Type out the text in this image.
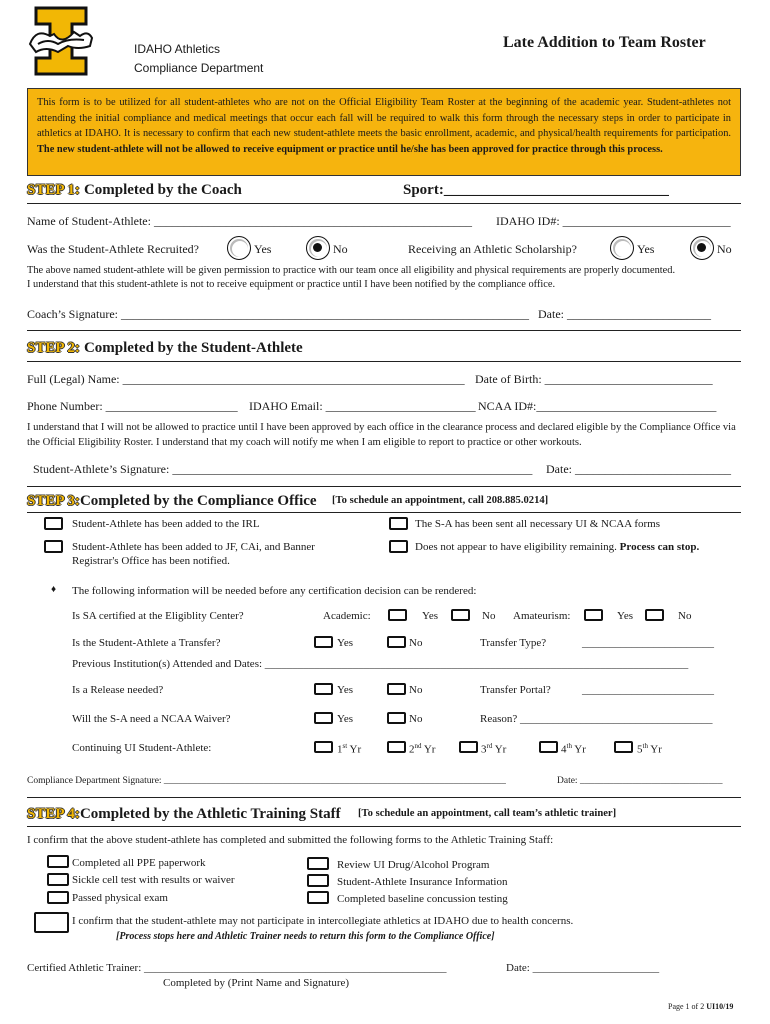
IDAHO Athletics
Compliance Department
Late Addition to Team Roster
This form is to be utilized for all student-athletes who are not on the Official Eligibility Team Roster at the beginning of the academic year. Student-athletes not attending the initial compliance and medical meetings that occur each fall will be required to walk this form through the necessary steps in order to participate in athletics at IDAHO. It is necessary to confirm that each new student-athlete meets the basic enrollment, academic, and physical/health requirements for participation. The new student-athlete will not be allowed to receive equipment or practice until he/she has been approved for practice through this process.
STEP 1: Completed by the Coach	Sport:______________________________
Name of Student-Athlete: _____________________________________________________ IDAHO ID#: ____________________________
Was the Student-Athlete Recruited?	Yes	No	Receiving an Athletic Scholarship?	Yes	No
The above named student-athlete will be given permission to practice with our team once all eligibility and physical requirements are properly documented.
I understand that this student-athlete is not to receive equipment or practice until I have been notified by the compliance office.
Coach’s Signature: ____________________________________________________________________ Date: ________________________
STEP 2: Completed by the Student-Athlete
Full (Legal) Name: _________________________________________________________ Date of Birth: ____________________________
Phone Number: ______________________ IDAHO Email: _________________________ NCAA ID#:______________________________
I understand that I will not be allowed to practice until I have been approved by each office in the clearance process and declared eligible by the Compliance Office via the Official Eligibility Roster. I understand that my coach will notify me when I am eligible to report to practice or other workouts.
Student-Athlete’s Signature: ____________________________________________________________ Date: __________________________
STEP 3:Completed by the Compliance Office [To schedule an appointment, call 208.885.0214]
Student-Athlete has been added to the IRL	The S-A has been sent all necessary UI & NCAA forms
Student-Athlete has been added to JF, CAi, and Banner
Registrar's Office has been notified.
Does not appear to have eligibility remaining. Process can stop.
♦ The following information will be needed before any certification decision can be rendered:
Is SA certified at the Eligiblity Center?	Academic:	Yes	No Amateurism:	Yes	No
Is the Student-Athlete a Transfer?	Yes	No	Transfer Type?	________________________
Previous Institution(s) Attended and Dates: _____________________________________________________________________________
Is a Release needed?	Yes	No	Transfer Portal?	________________________
Will the S-A need a NCAA Waiver?	Yes	No	Reason? ___________________________________
Continuing UI Student-Athlete:	1st Yr	2nd Yr	3rd Yr	4th Yr	5th Yr
Compliance Department Signature: ________________________________________________________________________	Date: ______________________________
STEP 4:Completed by the Athletic Training Staff [To schedule an appointment, call team’s athletic trainer]
I confirm that the above student-athlete has completed and submitted the following forms to the Athletic Training Staff:
Completed all PPE paperwork
Sickle cell test with results or waiver
Passed physical exam
Review UI Drug/Alcohol Program
Student-Athlete Insurance Information
Completed baseline concussion testing
I confirm that the student-athlete may not participate in intercollegiate athletics at IDAHO due to health concerns.
[Process stops here and Athletic Trainer needs to return this form to the Compliance Office]
Certified Athletic Trainer: _______________________________________________________	Date: _______________________
Completed by (Print Name and Signature)
Page 1 of 2 UI10/19
